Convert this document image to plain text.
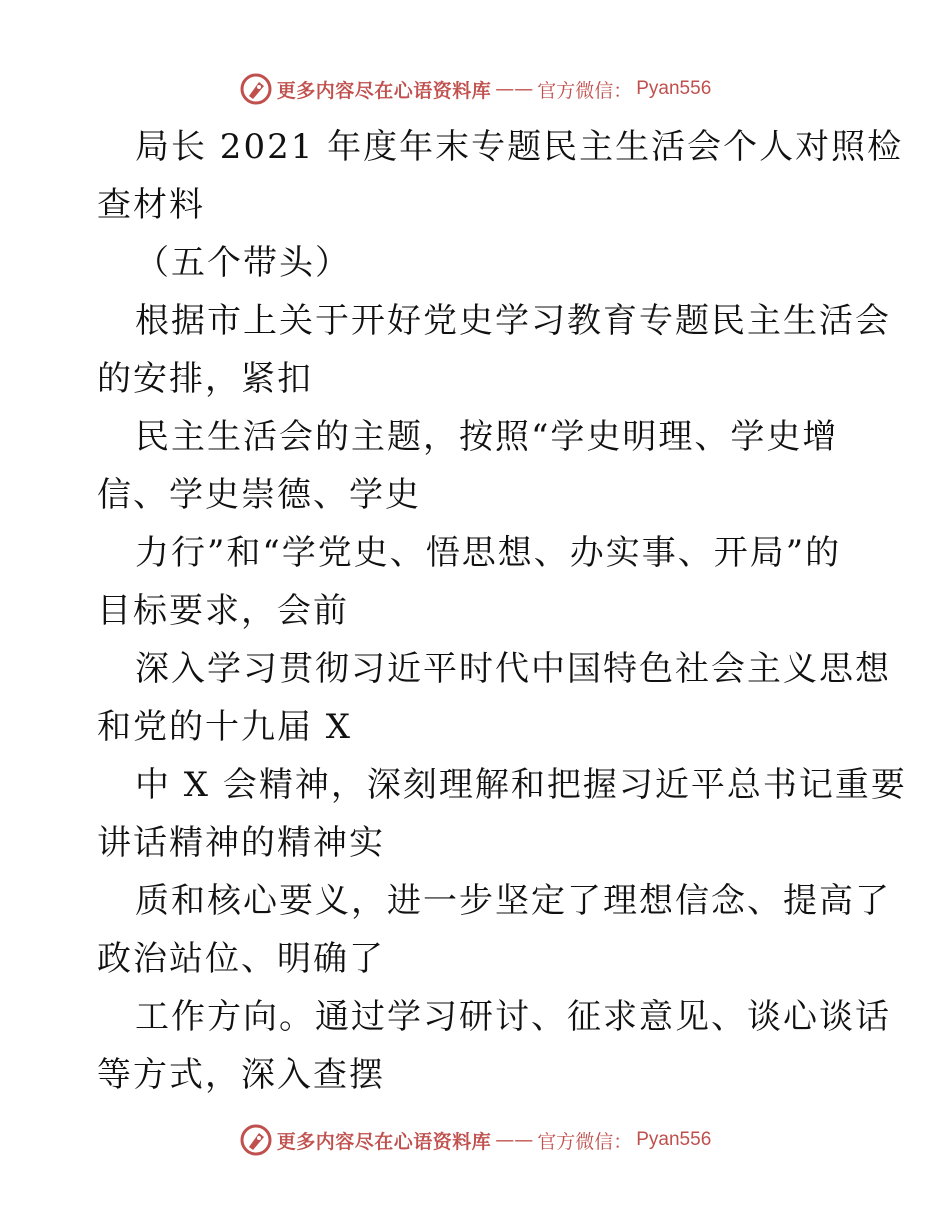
更多内容尽在心语资料库 —— 官方微信： Pyan556
局长 2021 年度年末专题民主生活会个人对照检
查材料
（五个带头）
根据市上关于开好党史学习教育专题民主生活会
的安排，紧扣
民主生活会的主题，按照“学史明理、学史增
信、学史崇德、学史
力行”和“学党史、悟思想、办实事、开局”的
目标要求，会前
深入学习贯彻习近平时代中国特色社会主义思想
和党的十九届 X
中 X 会精神，深刻理解和把握习近平总书记重要
讲话精神的精神实
质和核心要义，进一步坚定了理想信念、提高了
政治站位、明确了
工作方向。通过学习研讨、征求意见、谈心谈话
等方式，深入查摆
更多内容尽在心语资料库 —— 官方微信： Pyan556
